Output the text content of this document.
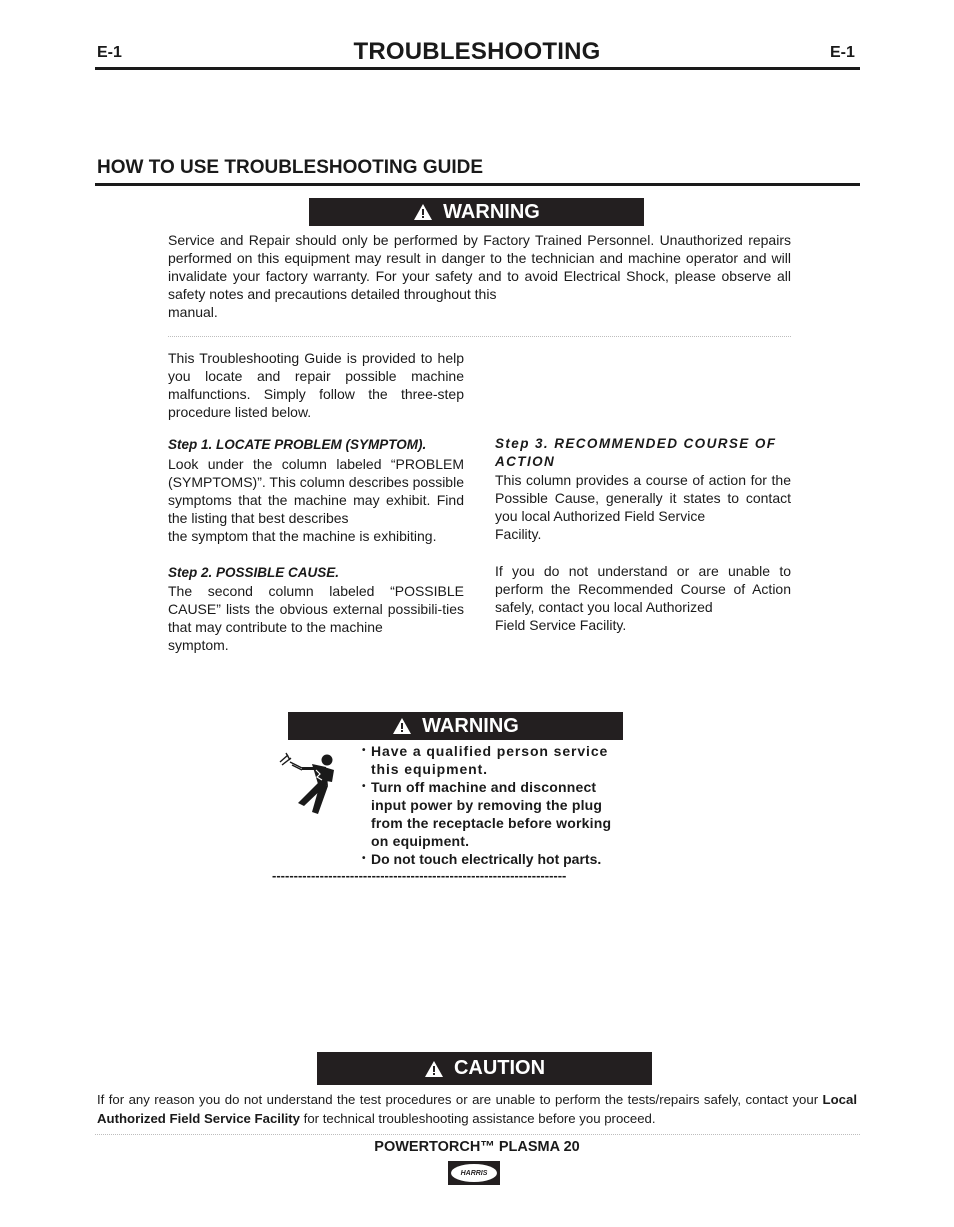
E-1	TROUBLESHOOTING	E-1
HOW TO USE TROUBLESHOOTING GUIDE
WARNING
Service and Repair should only be performed by Factory Trained Personnel. Unauthorized repairs performed on this equipment may result in danger to the technician and machine operator and will invalidate your factory warranty. For your safety and to avoid Electrical Shock, please observe all safety notes and precautions detailed throughout this
manual.
This Troubleshooting Guide is provided to help you locate and repair possible machine malfunctions. Simply follow the three-step procedure listed below.
Step 1. LOCATE PROBLEM (SYMPTOM).
Look under the column labeled “PROBLEM (SYMPTOMS)”. This column describes possible symptoms that the machine may exhibit. Find the listing that best describes
the symptom that the machine is exhibiting.
Step 2. POSSIBLE CAUSE.
The second column labeled “POSSIBLE CAUSE” lists the obvious external possibili-ties that may contribute to the machine
symptom.
Step 3. RECOMMENDED COURSE OF ACTION
This column provides a course of action for the Possible Cause, generally it states to contact you local Authorized Field Service
Facility.
If you do not understand or are unable to perform the Recommended Course of Action safely, contact you local Authorized
Field Service Facility.
WARNING
• Have a qualified person service this equipment.
• Turn off machine and disconnect input power by removing the plug from the receptacle before working on equipment.
• Do not touch electrically hot parts.
--------------------------------------------------------------------
CAUTION
If for any reason you do not understand the test procedures or are unable to perform the tests/repairs safely, contact your Local Authorized Field Service Facility for technical troubleshooting assistance before you proceed.
POWERTORCH™ PLASMA 20
HARRIS
